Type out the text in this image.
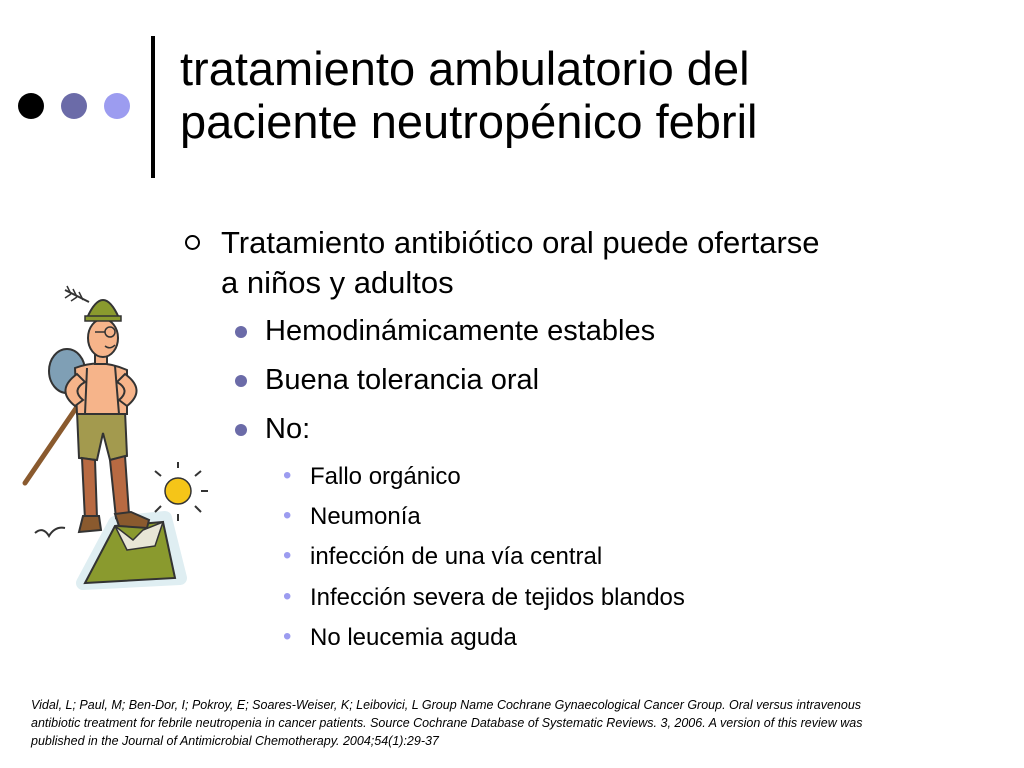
tratamiento ambulatorio del
paciente neutropénico febril
Tratamiento antibiótico oral puede ofertarse
a niños y adultos
Hemodinámicamente estables
Buena tolerancia oral
No:
• Fallo orgánico
• Neumonía
• infección de una vía central
• Infección severa de tejidos blandos
• No leucemia aguda
Vidal, L; Paul, M; Ben-Dor, I; Pokroy, E; Soares-Weiser, K; Leibovici, L Group Name Cochrane Gynaecological Cancer Group. Oral versus intravenous
antibiotic treatment for febrile neutropenia in cancer patients. Source Cochrane Database of Systematic Reviews. 3, 2006. A version of this review was
published in the Journal of Antimicrobial Chemotherapy. 2004;54(1):29-37
